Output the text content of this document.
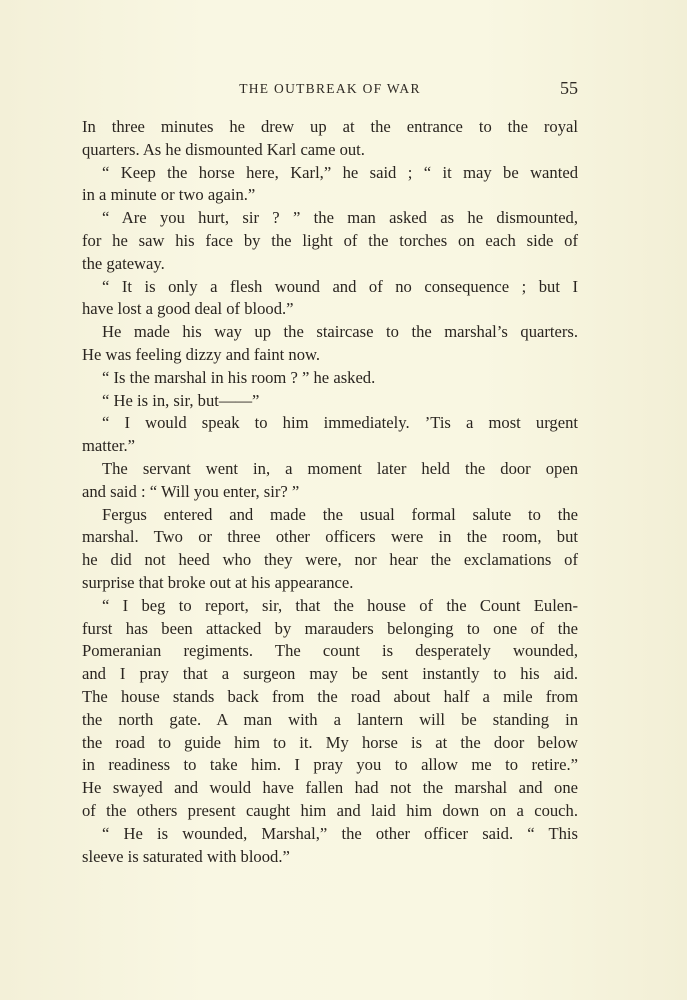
THE OUTBREAK OF WAR	55
In three minutes he drew up at the entrance to the royal
quarters. As he dismounted Karl came out.
“ Keep the horse here, Karl,” he said ; “ it may be wanted
in a minute or two again.”
“ Are you hurt, sir ? ” the man asked as he dismounted,
for he saw his face by the light of the torches on each side of
the gateway.
“ It is only a flesh wound and of no consequence ; but I
have lost a good deal of blood.”
He made his way up the staircase to the marshal’s quarters.
He was feeling dizzy and faint now.
“ Is the marshal in his room ? ” he asked.
“ He is in, sir, but——”
“ I would speak to him immediately. ’Tis a most urgent
matter.”
The servant went in, a moment later held the door open
and said : “ Will you enter, sir? ”
Fergus entered and made the usual formal salute to the
marshal. Two or three other officers were in the room, but
he did not heed who they were, nor hear the exclamations of
surprise that broke out at his appearance.
“ I beg to report, sir, that the house of the Count Eulen-
furst has been attacked by marauders belonging to one of the
Pomeranian regiments. The count is desperately wounded,
and I pray that a surgeon may be sent instantly to his aid.
The house stands back from the road about half a mile from
the north gate. A man with a lantern will be standing in
the road to guide him to it. My horse is at the door below
in readiness to take him. I pray you to allow me to retire.”
He swayed and would have fallen had not the marshal and one
of the others present caught him and laid him down on a couch.
“ He is wounded, Marshal,” the other officer said. “ This
sleeve is saturated with blood.”
